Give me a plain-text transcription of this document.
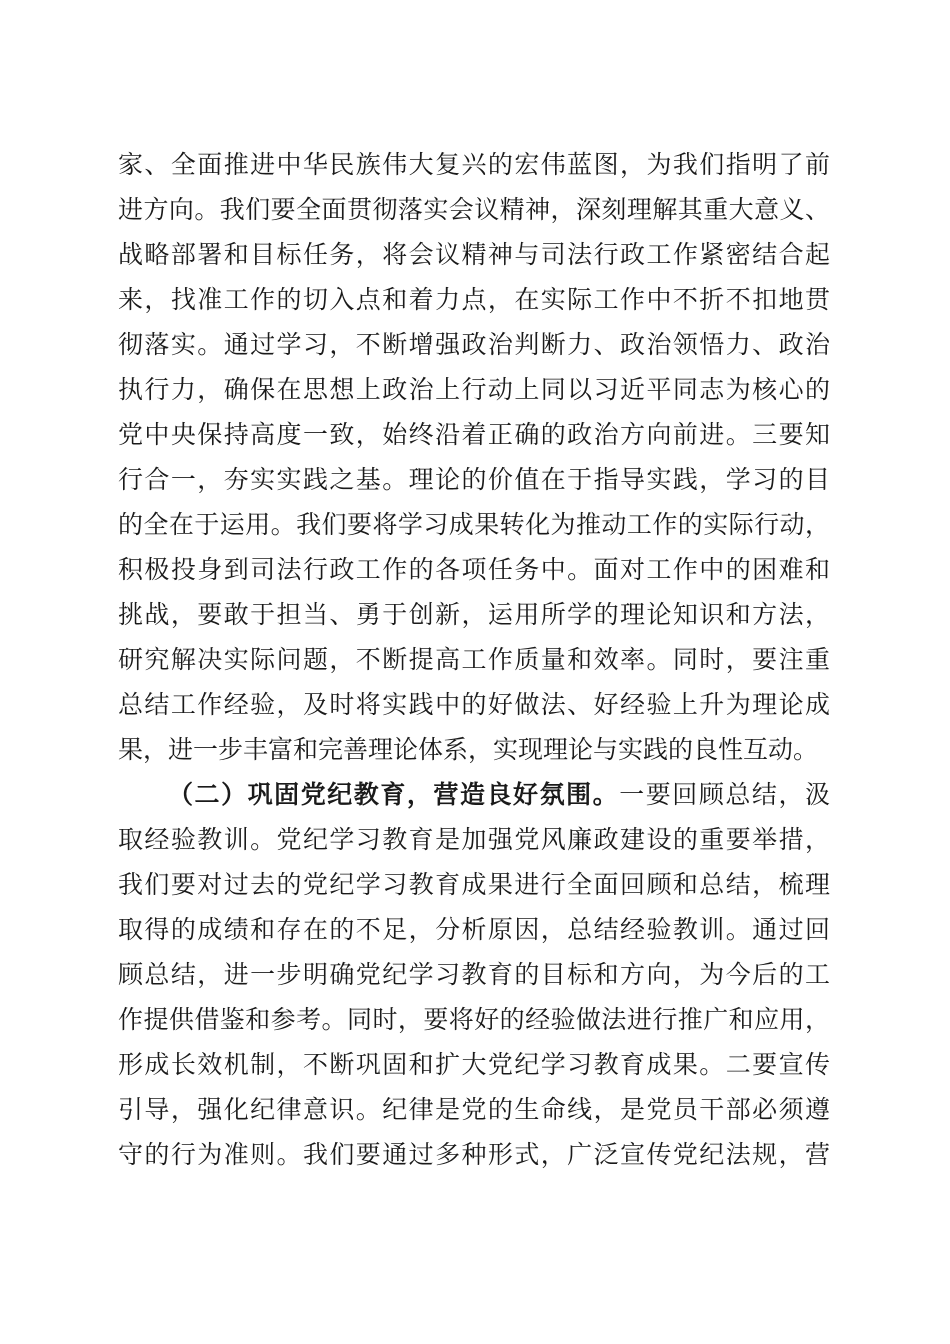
家、全面推进中华民族伟大复兴的宏伟蓝图，为我们指明了前
进方向。我们要全面贯彻落实会议精神，深刻理解其重大意义、
战略部署和目标任务，将会议精神与司法行政工作紧密结合起
来，找准工作的切入点和着力点，在实际工作中不折不扣地贯
彻落实。通过学习，不断增强政治判断力、政治领悟力、政治
执行力，确保在思想上政治上行动上同以习近平同志为核心的
党中央保持高度一致，始终沿着正确的政治方向前进。三要知
行合一，夯实实践之基。理论的价值在于指导实践，学习的目
的全在于运用。我们要将学习成果转化为推动工作的实际行动，
积极投身到司法行政工作的各项任务中。面对工作中的困难和
挑战，要敢于担当、勇于创新，运用所学的理论知识和方法，
研究解决实际问题，不断提高工作质量和效率。同时，要注重
总结工作经验，及时将实践中的好做法、好经验上升为理论成
果，进一步丰富和完善理论体系，实现理论与实践的良性互动。
（二）巩固党纪教育，营造良好氛围。一要回顾总结，汲
取经验教训。党纪学习教育是加强党风廉政建设的重要举措，
我们要对过去的党纪学习教育成果进行全面回顾和总结，梳理
取得的成绩和存在的不足，分析原因，总结经验教训。通过回
顾总结，进一步明确党纪学习教育的目标和方向，为今后的工
作提供借鉴和参考。同时，要将好的经验做法进行推广和应用，
形成长效机制，不断巩固和扩大党纪学习教育成果。二要宣传
引导，强化纪律意识。纪律是党的生命线，是党员干部必须遵
守的行为准则。我们要通过多种形式，广泛宣传党纪法规，营
